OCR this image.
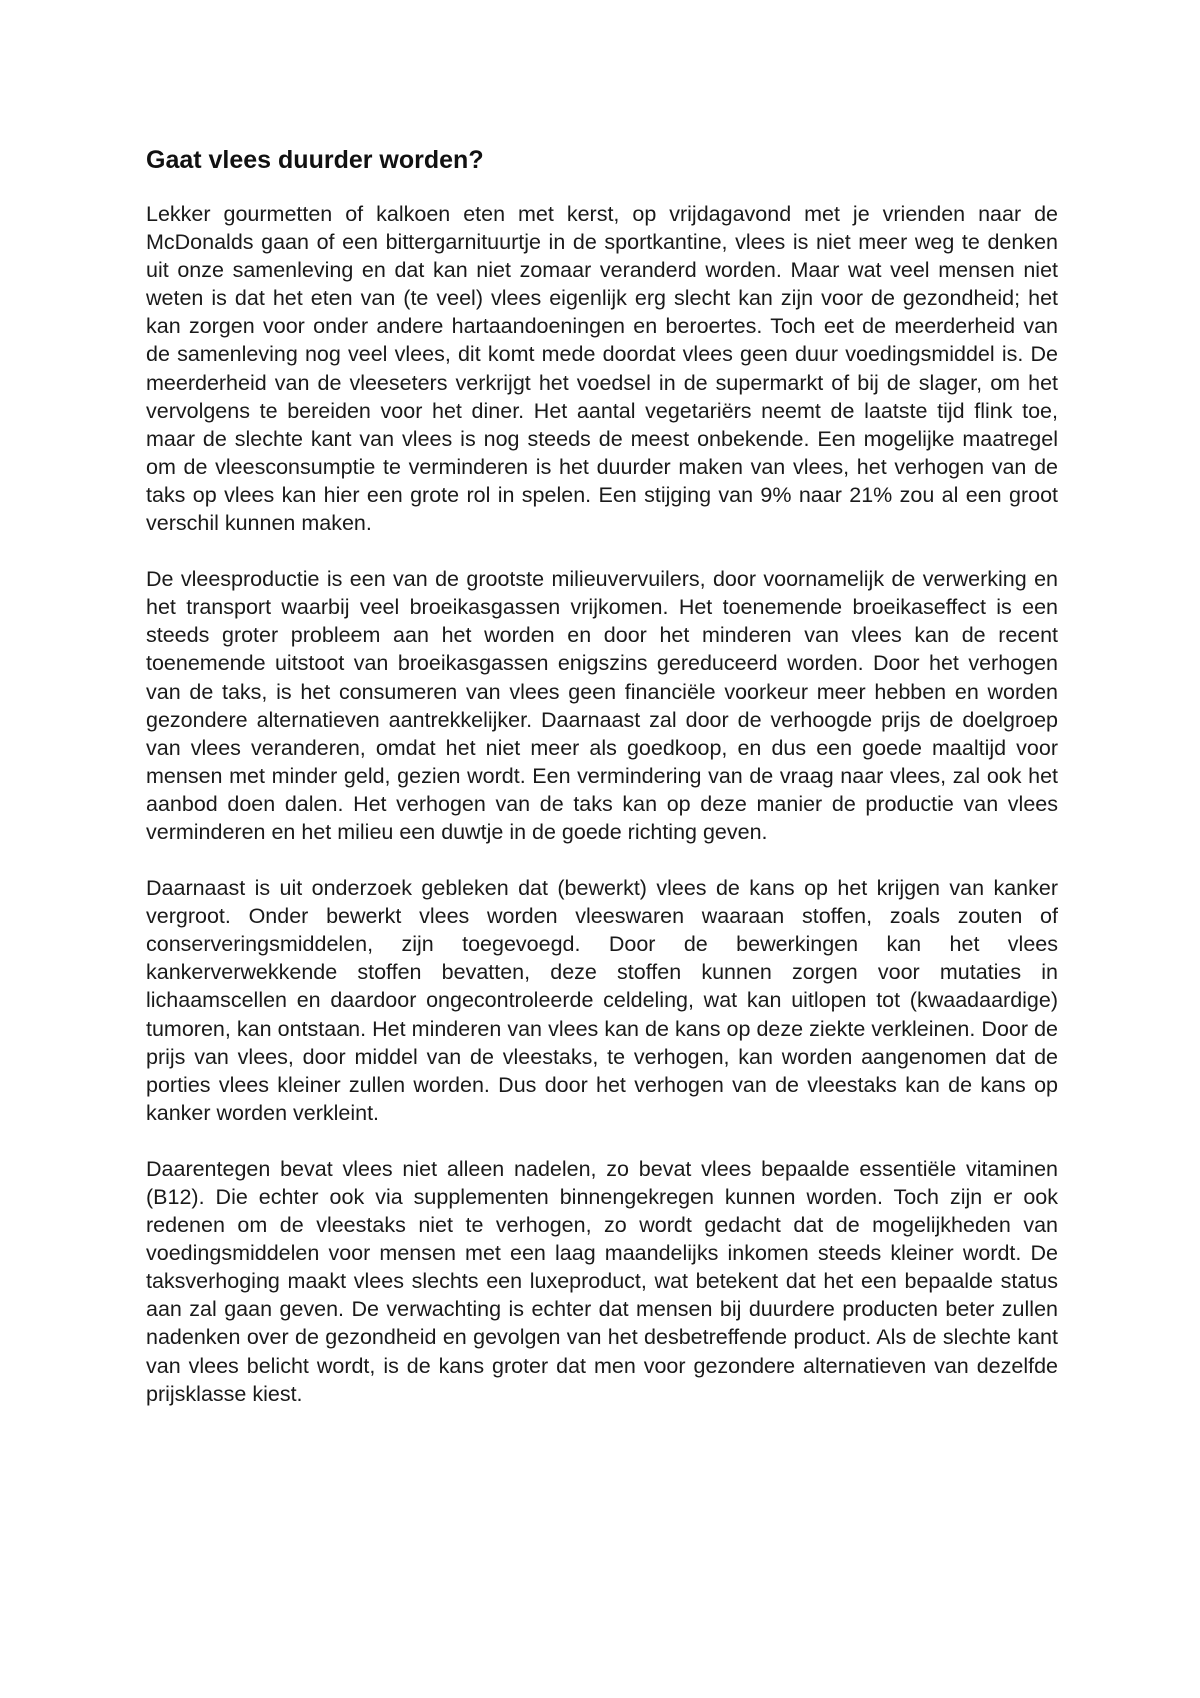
Gaat vlees duurder worden?

Lekker gourmetten of kalkoen eten met kerst, op vrijdagavond met je vrienden naar de McDonalds gaan of een bittergarnituurtje in de sportkantine, vlees is niet meer weg te denken uit onze samenleving en dat kan niet zomaar veranderd worden. Maar wat veel mensen niet weten is dat het eten van (te veel) vlees eigenlijk erg slecht kan zijn voor de gezondheid; het kan zorgen voor onder andere hartaandoeningen en beroertes. Toch eet de meerderheid van de samenleving nog veel vlees, dit komt mede doordat vlees geen duur voedingsmiddel is. De meerderheid van de vleeseters verkrijgt het voedsel in de supermarkt of bij de slager, om het vervolgens te bereiden voor het diner. Het aantal vegetariërs neemt de laatste tijd flink toe, maar de slechte kant van vlees is nog steeds de meest onbekende. Een mogelijke maatregel om de vleesconsumptie te verminderen is het duurder maken van vlees, het verhogen van de taks op vlees kan hier een grote rol in spelen. Een stijging van 9% naar 21% zou al een groot verschil kunnen maken.

De vleesproductie is een van de grootste milieuvervuilers, door voornamelijk de verwerking en het transport waarbij veel broeikasgassen vrijkomen. Het toenemende broeikaseffect is een steeds groter probleem aan het worden en door het minderen van vlees kan de recent toenemende uitstoot van broeikasgassen enigszins gereduceerd worden. Door het verhogen van de taks, is het consumeren van vlees geen financiële voorkeur meer hebben en worden gezondere alternatieven aantrekkelijker. Daarnaast zal door de verhoogde prijs de doelgroep van vlees veranderen, omdat het niet meer als goedkoop, en dus een goede maaltijd voor mensen met minder geld, gezien wordt. Een vermindering van de vraag naar vlees, zal ook het aanbod doen dalen. Het verhogen van de taks kan op deze manier de productie van vlees verminderen en het milieu een duwtje in de goede richting geven.

Daarnaast is uit onderzoek gebleken dat (bewerkt) vlees de kans op het krijgen van kanker vergroot. Onder bewerkt vlees worden vleeswaren waaraan stoffen, zoals zouten of conserveringsmiddelen, zijn toegevoegd. Door de bewerkingen kan het vlees kankerverwekkende stoffen bevatten, deze stoffen kunnen zorgen voor mutaties in lichaamscellen en daardoor ongecontroleerde celdeling, wat kan uitlopen tot (kwaadaardige) tumoren, kan ontstaan. Het minderen van vlees kan de kans op deze ziekte verkleinen. Door de prijs van vlees, door middel van de vleestaks, te verhogen, kan worden aangenomen dat de porties vlees kleiner zullen worden. Dus door het verhogen van de vleestaks kan de kans op kanker worden verkleint.

Daarentegen bevat vlees niet alleen nadelen, zo bevat vlees bepaalde essentiële vitaminen (B12). Die echter ook via supplementen binnengekregen kunnen worden. Toch zijn er ook redenen om de vleestaks niet te verhogen, zo wordt gedacht dat de mogelijkheden van voedingsmiddelen voor mensen met een laag maandelijks inkomen steeds kleiner wordt. De taksverhoging maakt vlees slechts een luxeproduct, wat betekent dat het een bepaalde status aan zal gaan geven. De verwachting is echter dat mensen bij duurdere producten beter zullen nadenken over de gezondheid en gevolgen van het desbetreffende product. Als de slechte kant van vlees belicht wordt, is de kans groter dat men voor gezondere alternatieven van dezelfde prijsklasse kiest.
